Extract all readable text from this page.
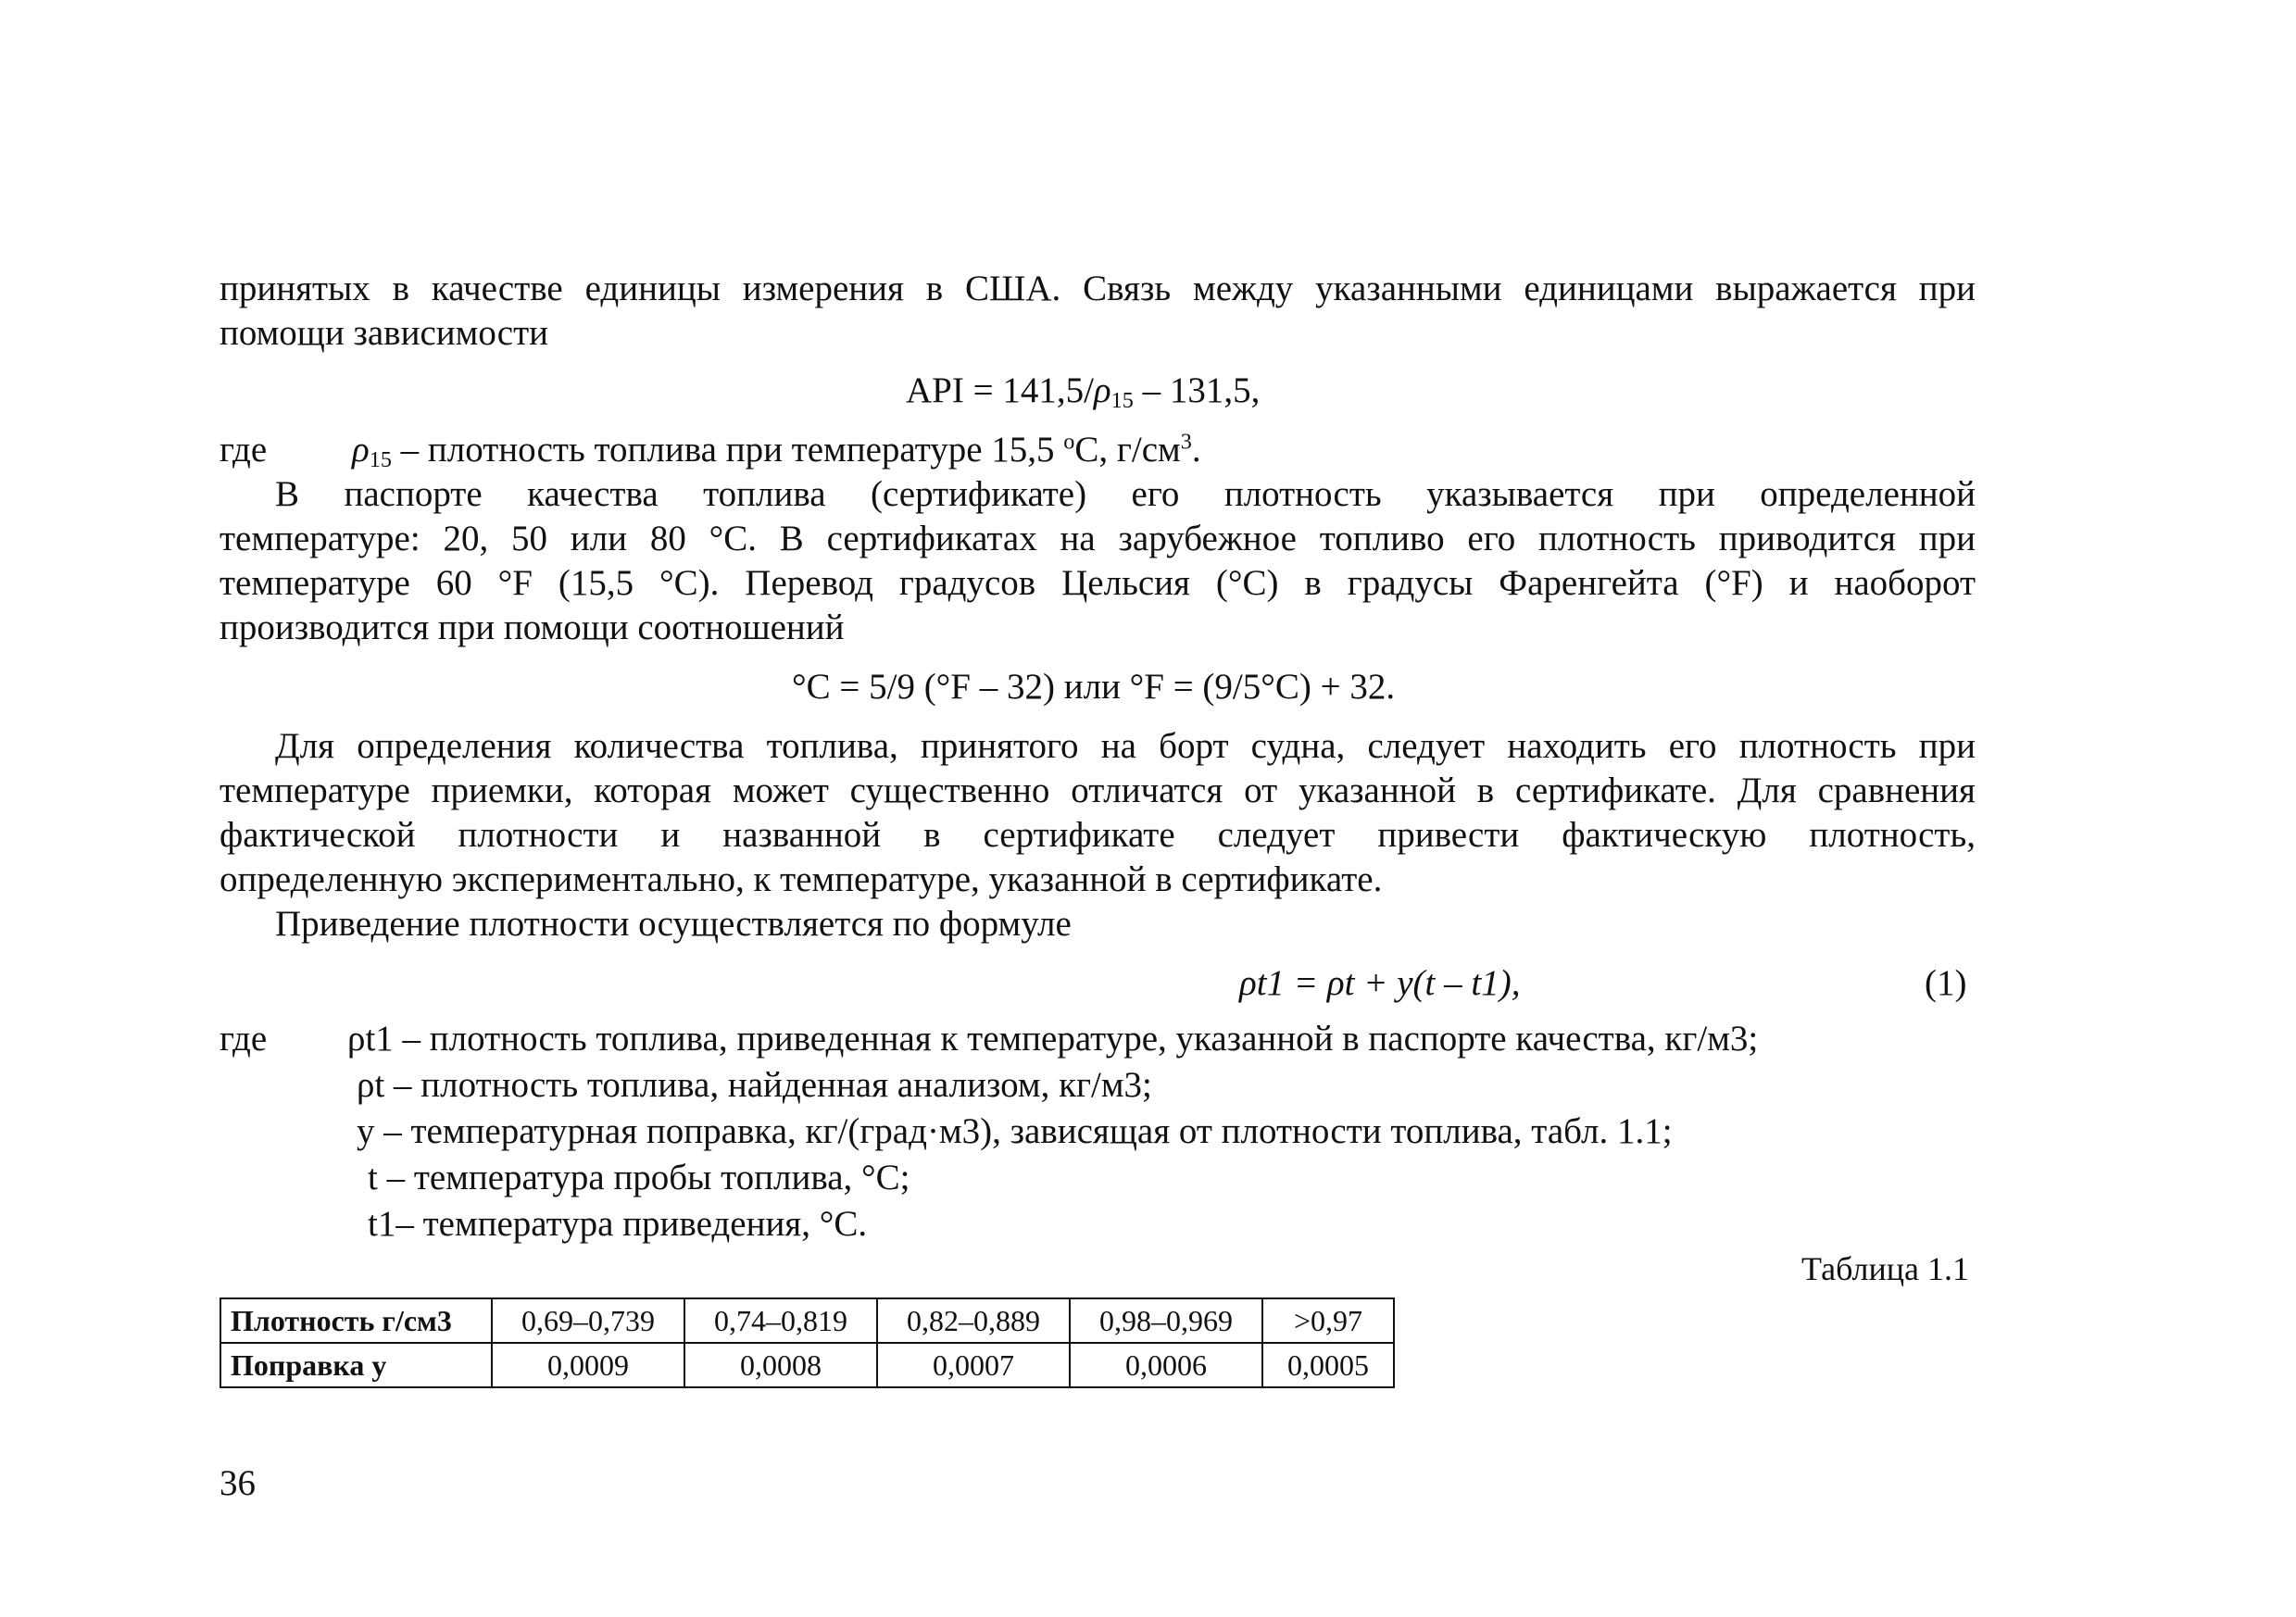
принятых в качестве единицы измерения в США. Связь между указанными единицами выражается при
помощи зависимости
API = $141,5/\rho_{15} - 131,5$,
где $\rho_{15}$ – плотность топлива при температуре 15,5 $^о$С, $г/см^3$.
В паспорте качества топлива (сертификате) его плотность указывается при определенной
температуре: 20, 50 или 80 °С. В сертификатах на зарубежное топливо его плотность приводится при
температуре 60 °F (15,5 °С). Перевод градусов Цельсия (°С) в градусы Фаренгейта (°F) и наоборот
производится при помощи соотношений
°С = 5/9 (°F – 32) или °F = (9/5°С) + 32.
Для определения количества топлива, принятого на борт судна, следует находить его плотность при
температуре приемки, которая может существенно отличатся от указанной в сертификате. Для сравнения
фактической плотности и названной в сертификате следует привести фактическую плотность,
определенную экспериментально, к температуре, указанной в сертификате.
Приведение плотности осуществляется по формуле
ρt1 = ρt + y(t – t1),	(1)
где ρt1 – плотность топлива, приведенная к температуре, указанной в паспорте качества, кг/м3;
ρt – плотность топлива, найденная анализом, кг/м3;
y – температурная поправка, кг/(град·м3), зависящая от плотности топлива, табл. 1.1;
t – температура пробы топлива, °С;
t1– температура приведения, °С.
Таблица 1.1
Плотность г/см3	0,69–0,739	0,74–0,819	0,82–0,889	0,98–0,969	>0,97
Поправка y	0,0009	0,0008	0,0007	0,0006	0,0005
36
